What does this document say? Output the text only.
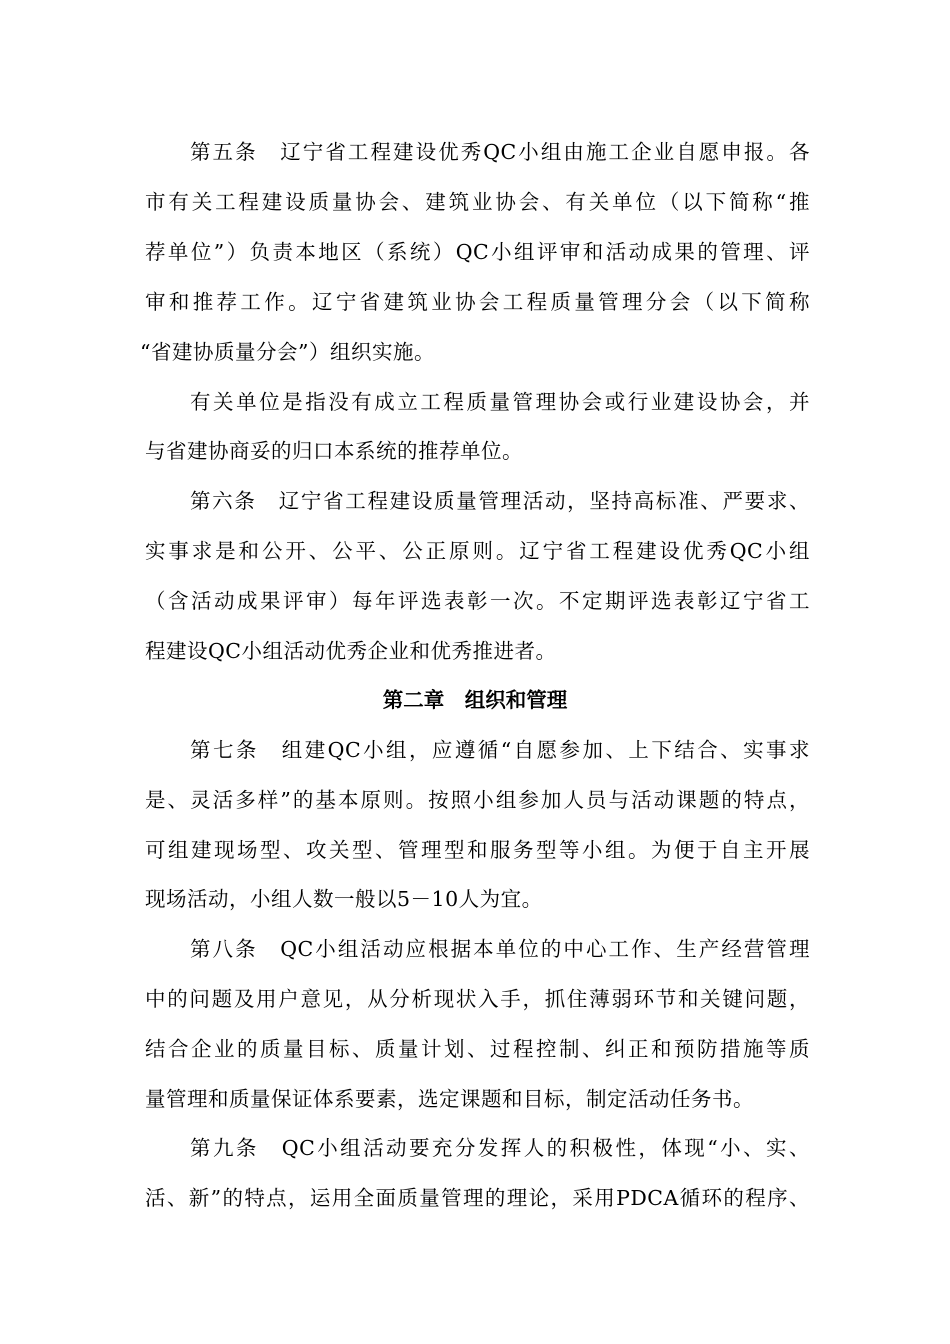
第五条　辽宁省工程建设优秀QC小组由施工企业自愿申报。各
市有关工程建设质量协会、建筑业协会、有关单位（以下简称“推
荐单位”）负责本地区（系统）QC小组评审和活动成果的管理、评
审和推荐工作。辽宁省建筑业协会工程质量管理分会（以下简称
“省建协质量分会”）组织实施。
有关单位是指没有成立工程质量管理协会或行业建设协会，并
与省建协商妥的归口本系统的推荐单位。
第六条　辽宁省工程建设质量管理活动，坚持高标准、严要求、
实事求是和公开、公平、公正原则。辽宁省工程建设优秀QC小组
（含活动成果评审）每年评选表彰一次。不定期评选表彰辽宁省工
程建设QC小组活动优秀企业和优秀推进者。
第二章　组织和管理
第七条　组建QC小组，应遵循“自愿参加、上下结合、实事求
是、灵活多样”的基本原则。按照小组参加人员与活动课题的特点，
可组建现场型、攻关型、管理型和服务型等小组。为便于自主开展
现场活动，小组人数一般以5－10人为宜。
第八条　QC小组活动应根据本单位的中心工作、生产经营管理
中的问题及用户意见，从分析现状入手，抓住薄弱环节和关键问题，
结合企业的质量目标、质量计划、过程控制、纠正和预防措施等质
量管理和质量保证体系要素，选定课题和目标，制定活动任务书。
第九条　QC小组活动要充分发挥人的积极性，体现“小、实、
活、新”的特点，运用全面质量管理的理论，采用PDCA循环的程序、
